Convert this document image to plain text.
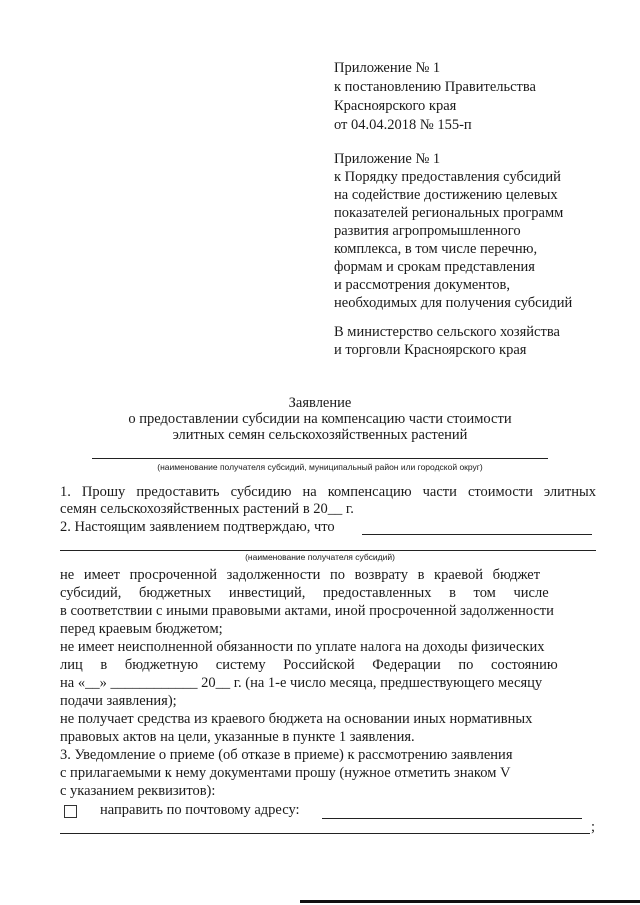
Приложение № 1
к постановлению Правительства
Красноярского края
от 04.04.2018 № 155-п
Приложение № 1
к Порядку предоставления субсидий
на содействие достижению целевых
показателей региональных программ
развития агропромышленного
комплекса, в том числе перечню,
формам и срокам представления
и рассмотрения документов,
необходимых для получения субсидий
В министерство сельского хозяйства
и торговли Красноярского края
Заявление
о предоставлении субсидии на компенсацию части стоимости
элитных семян сельскохозяйственных растений
(наименование получателя субсидий, муниципальный район или городской округ)
1. Прошу предоставить субсидию на компенсацию части стоимости элитных
семян сельскохозяйственных растений в 20__ г.
2. Настоящим заявлением подтверждаю, что
(наименование получателя субсидий)
не имеет просроченной задолженности по возврату в краевой бюджет
субсидий, бюджетных инвестиций, предоставленных в том числе
в соответствии с иными правовыми актами, иной просроченной задолженности
перед краевым бюджетом;
не имеет неисполненной обязанности по уплате налога на доходы физических
лиц в бюджетную систему Российской Федерации по состоянию
на «__» ____________ 20__ г. (на 1-е число месяца, предшествующего месяцу
подачи заявления);
не получает средства из краевого бюджета на основании иных нормативных
правовых актов на цели, указанные в пункте 1 заявления.
3. Уведомление о приеме (об отказе в приеме) к рассмотрению заявления
с прилагаемыми к нему документами прошу (нужное отметить знаком V
с указанием реквизитов):
направить по почтовому адресу:
;
